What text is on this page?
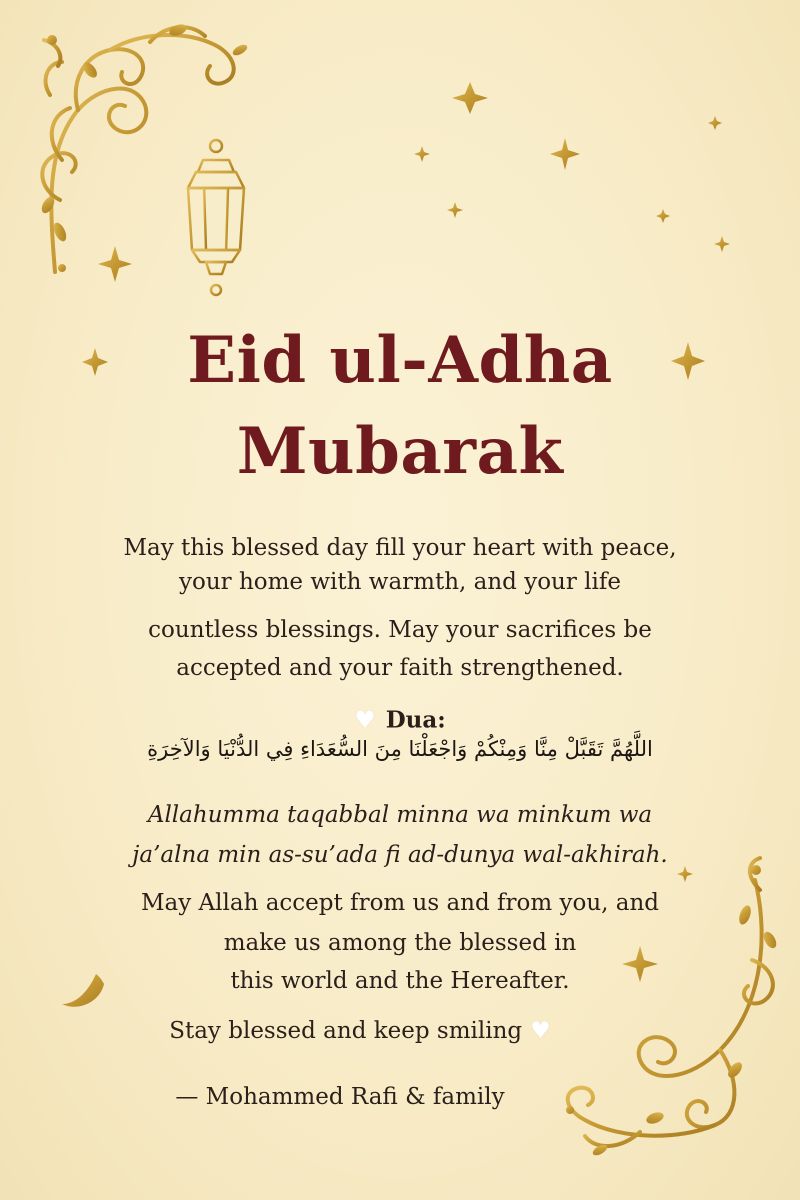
Eid ul-Adha
Mubarak
May this blessed day fill your heart with peace,
your home with warmth, and your life
countless blessings. May your sacrifices be
accepted and your faith strengthened.
♥ Dua:
اللَّهُمَّ تَقَبَّلْ مِنَّا وَمِنْكُمْ وَاجْعَلْنَا مِنَ السُّعَدَاءِ فِي الدُّنْيَا وَالآخِرَةِ
Allahumma taqabbal minna wa minkum wa
ja’alna min as-su’ada fi ad-dunya wal-akhirah.
May Allah accept from us and from you, and
make us among the blessed in
this world and the Hereafter.
Stay blessed and keep smiling ♥
— Mohammed Rafi & family
